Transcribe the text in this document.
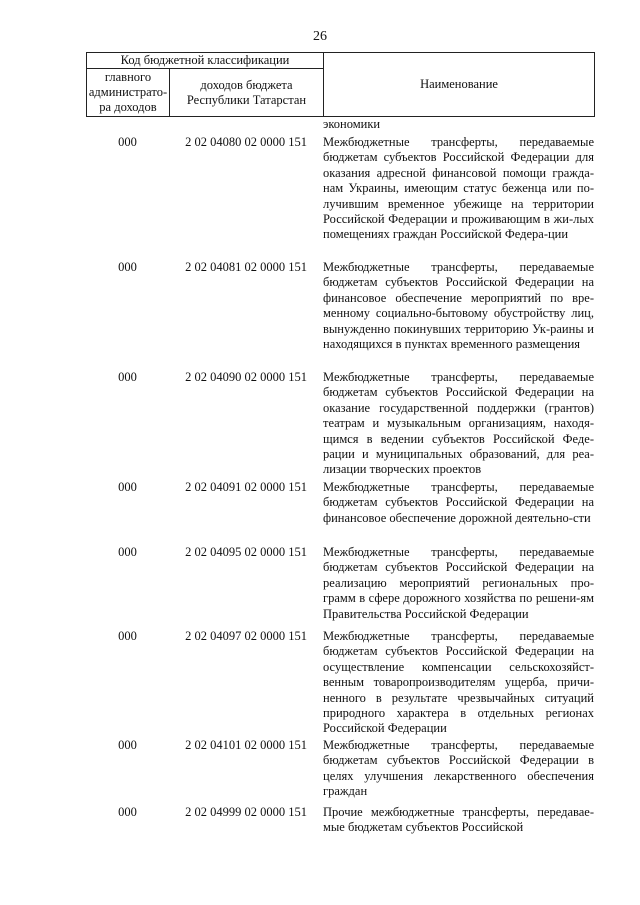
26
Код бюджетной классификации		Наименование
главного администрато-ра доходов	доходов бюджета Республики Татарстан	
экономики
000	2 02 04080 02 0000 151	Межбюджетные трансферты, передаваемые бюджетам субъектов Российской Федерации для оказания адресной финансовой помощи гражда-нам Украины, имеющим статус беженца или по-лучившим временное убежище на территории Российской Федерации и проживающим в жи-лых помещениях граждан Российской Федера-ции
000	2 02 04081 02 0000 151	Межбюджетные трансферты, передаваемые бюджетам субъектов Российской Федерации на финансовое обеспечение мероприятий по вре-менному социально-бытовому обустройству лиц, вынужденно покинувших территорию Ук-раины и находящихся в пунктах временного размещения
000	2 02 04090 02 0000 151	Межбюджетные трансферты, передаваемые бюджетам субъектов Российской Федерации на оказание государственной поддержки (грантов) театрам и музыкальным организациям, находя-щимся в ведении субъектов Российской Феде-рации и муниципальных образований, для реа-лизации творческих проектов
000	2 02 04091 02 0000 151	Межбюджетные трансферты, передаваемые бюджетам субъектов Российской Федерации на финансовое обеспечение дорожной деятельно-сти
000	2 02 04095 02 0000 151	Межбюджетные трансферты, передаваемые бюджетам субъектов Российской Федерации на реализацию мероприятий региональных про-грамм в сфере дорожного хозяйства по решени-ям Правительства Российской Федерации
000	2 02 04097 02 0000 151	Межбюджетные трансферты, передаваемые бюджетам субъектов Российской Федерации на осуществление компенсации сельскохозяйст-венным товаропроизводителям ущерба, причи-ненного в результате чрезвычайных ситуаций природного характера в отдельных регионах Российской Федерации
000	2 02 04101 02 0000 151	Межбюджетные трансферты, передаваемые бюджетам субъектов Российской Федерации в целях улучшения лекарственного обеспечения граждан
000	2 02 04999 02 0000 151	Прочие межбюджетные трансферты, передавае-мые бюджетам субъектов Российской
